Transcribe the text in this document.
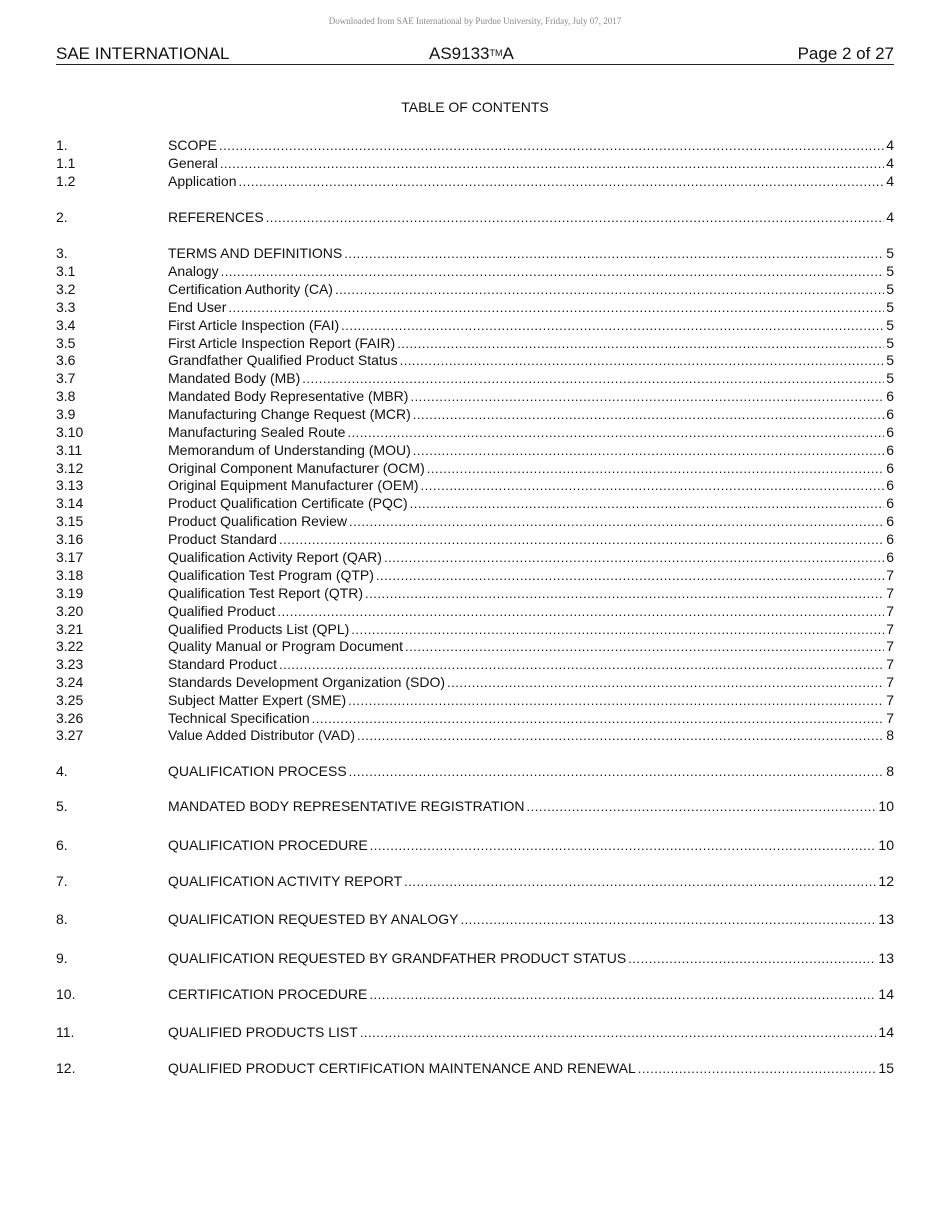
Downloaded from SAE International by Purdue University, Friday, July 07, 2017
SAE INTERNATIONAL	AS9133TMA	Page 2 of 27
TABLE OF CONTENTS
1.	SCOPE .....	4
1.1	General .....	4
1.2	Application .....	4
2.	REFERENCES .....	4
3.	TERMS AND DEFINITIONS .....	5
3.1	Analogy .....	5
3.2	Certification Authority (CA) .....	5
3.3	End User .....	5
3.4	First Article Inspection (FAI) .....	5
3.5	First Article Inspection Report (FAIR) .....	5
3.6	Grandfather Qualified Product Status .....	5
3.7	Mandated Body (MB) .....	5
3.8	Mandated Body Representative (MBR) .....	6
3.9	Manufacturing Change Request (MCR) .....	6
3.10	Manufacturing Sealed Route .....	6
3.11	Memorandum of Understanding (MOU) .....	6
3.12	Original Component Manufacturer (OCM) .....	6
3.13	Original Equipment Manufacturer (OEM) .....	6
3.14	Product Qualification Certificate (PQC) .....	6
3.15	Product Qualification Review .....	6
3.16	Product Standard .....	6
3.17	Qualification Activity Report (QAR) .....	6
3.18	Qualification Test Program (QTP) .....	7
3.19	Qualification Test Report (QTR) .....	7
3.20	Qualified Product .....	7
3.21	Qualified Products List (QPL) .....	7
3.22	Quality Manual or Program Document .....	7
3.23	Standard Product .....	7
3.24	Standards Development Organization (SDO) .....	7
3.25	Subject Matter Expert (SME) .....	7
3.26	Technical Specification .....	7
3.27	Value Added Distributor (VAD) .....	8
4.	QUALIFICATION PROCESS .....	8
5.	MANDATED BODY REPRESENTATIVE REGISTRATION .....	10
6.	QUALIFICATION PROCEDURE .....	10
7.	QUALIFICATION ACTIVITY REPORT .....	12
8.	QUALIFICATION REQUESTED BY ANALOGY .....	13
9.	QUALIFICATION REQUESTED BY GRANDFATHER PRODUCT STATUS .....	13
10.	CERTIFICATION PROCEDURE .....	14
11.	QUALIFIED PRODUCTS LIST .....	14
12.	QUALIFIED PRODUCT CERTIFICATION MAINTENANCE AND RENEWAL .....	15
